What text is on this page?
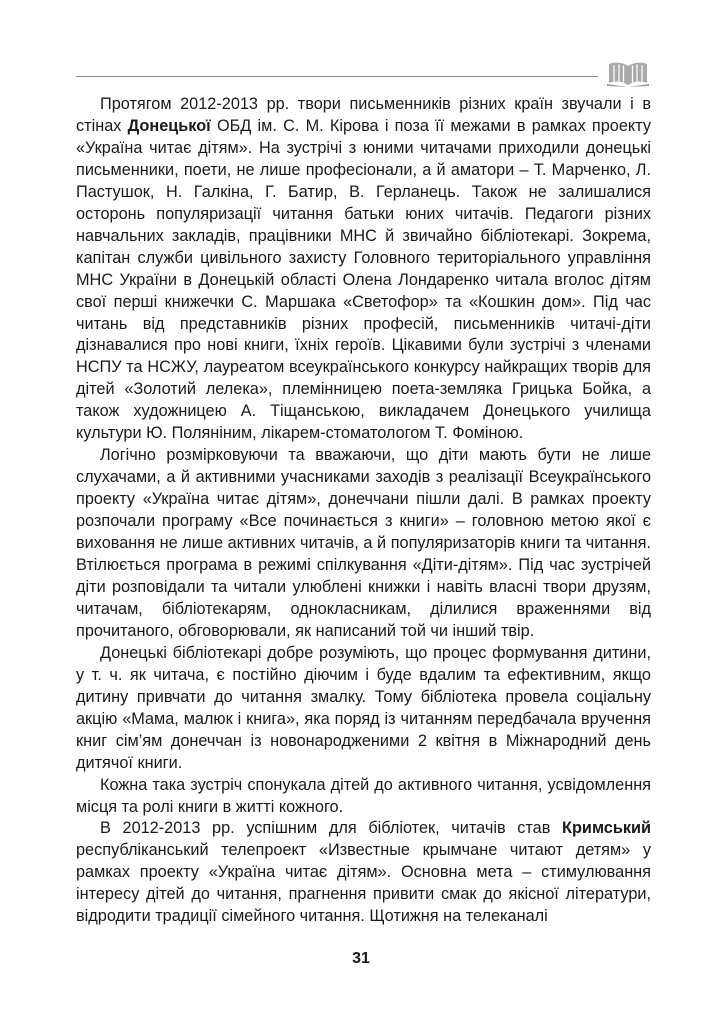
Протягом 2012-2013 рр. твори письменників різних країн звучали і в стінах Донецької ОБД ім. С. М. Кірова і поза її межами в рамках проекту «Україна читає дітям». На зустрічі з юними читачами приходили донецькі письменники, поети, не лише професіонали, а й аматори – Т. Марченко, Л. Пастушок, Н. Галкіна, Г. Батир, В. Герланець. Також не залишалися осторонь популяризації читання батьки юних читачів. Педагоги різних навчальних закладів, працівники МНС й звичайно бібліотекарі. Зокрема, капітан служби цивільного захисту Головного територіального управління МНС України в Донецькій області Олена Лондаренко читала вголос дітям свої перші книжечки С. Маршака «Светофор» та «Кошкин дом». Під час читань від представників різних професій, письменників читачі-діти дізнавалися про нові книги, їхніх героїв. Цікавими були зустрічі з членами НСПУ та НСЖУ, лауреатом всеукраїнського конкурсу найкращих творів для дітей «Золотий лелека», племінницею поета-земляка Грицька Бойка, а також художницею А. Тіщанською, викладачем Донецького училища культури Ю. Поляніним, лікарем-стоматологом Т. Фоміною.

Логічно розмірковуючи та вважаючи, що діти мають бути не лише слухачами, а й активними учасниками заходів з реалізації Всеукраїнського проекту «Україна читає дітям», донеччани пішли далі. В рамках проекту розпочали програму «Все починається з книги» – головною метою якої є виховання не лише активних читачів, а й популяризаторів книги та читання. Втілюється програма в режимі спілкування «Діти-дітям». Під час зустрічей діти розповідали та читали улюблені книжки і навіть власні твори друзям, читачам, бібліотекарям, однокласникам, ділилися враженнями від прочитаного, обговорювали, як написаний той чи інший твір.

Донецькі бібліотекарі добре розуміють, що процес формування дитини, у т. ч. як читача, є постійно діючим і буде вдалим та ефективним, якщо дитину привчати до читання змалку. Тому бібліотека провела соціальну акцію «Мама, малюк і книга», яка поряд із читанням передбачала вручення книг сім’ям донеччан із новонародженими 2 квітня в Міжнародний день дитячої книги.

Кожна така зустріч спонукала дітей до активного читання, усвідомлення місця та ролі книги в житті кожного.

В 2012-2013 рр. успішним для бібліотек, читачів став Кримський республіканський телепроект «Известные крымчане читают детям» у рамках проекту «Україна читає дітям». Основна мета – стимулювання інтересу дітей до читання, прагнення привити смак до якісної літератури, відродити традиції сімейного читання. Щотижня на телеканалі

31
